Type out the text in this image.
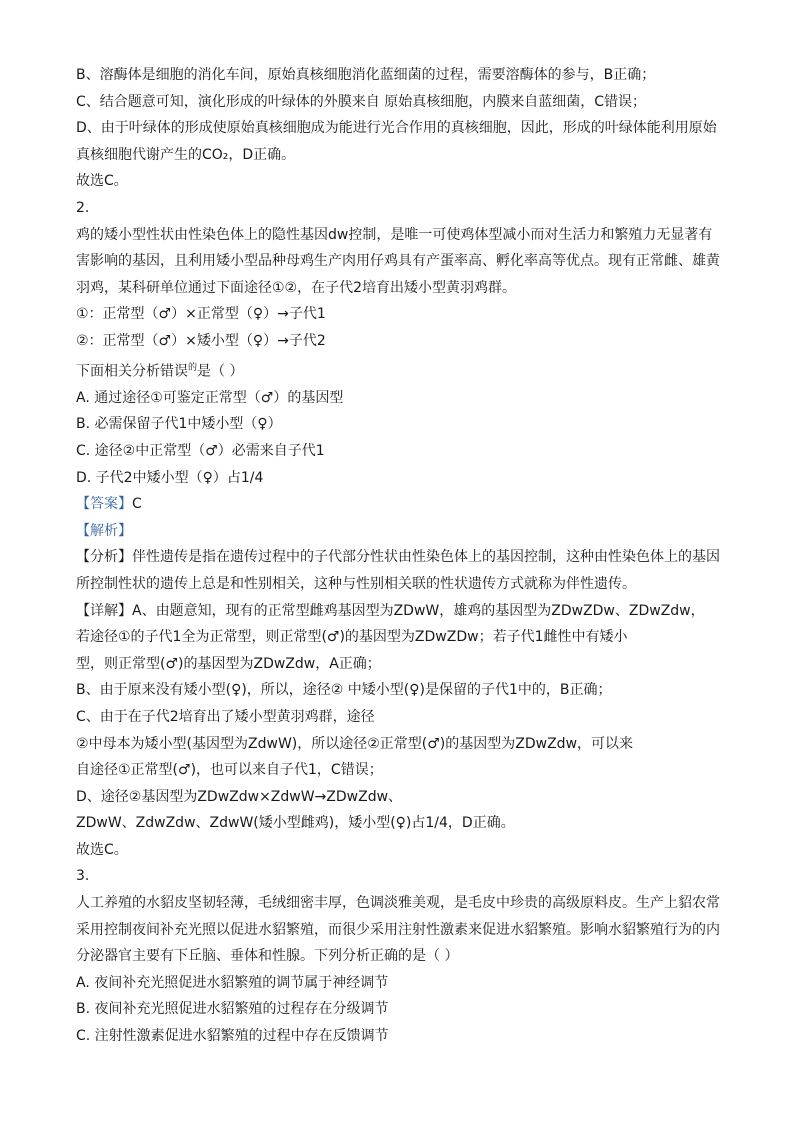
B、溶酶体是细胞的消化车间，原始真核细胞消化蓝细菌的过程，需要溶酶体的参与，B正确；
C、结合题意可知，演化形成的叶绿体的外膜来自 原始真核细胞，内膜来自蓝细菌，C错误；
D、由于叶绿体的形成使原始真核细胞成为能进行光合作用的真核细胞，因此，形成的叶绿体能利用原始
真核细胞代谢产生的CO₂，D正确。
故选C。
2.
鸡的矮小型性状由性染色体上的隐性基因dw控制，是唯一可使鸡体型减小而对生活力和繁殖力无显著有
害影响的基因，且利用矮小型品种母鸡生产肉用仔鸡具有产蛋率高、孵化率高等优点。现有正常雌、雄黄
羽鸡，某科研单位通过下面途径①②，在子代2培育出矮小型黄羽鸡群。
①：正常型（♂）×正常型（♀）→子代1
②：正常型（♂）×矮小型（♀）→子代2
下面相关分析错误$^的$是（ ）
A. 通过途径①可鉴定正常型（♂）的基因型
B. 必需保留子代1中矮小型（♀）
C. 途径②中正常型（♂）必需来自子代1
D. 子代2中矮小型（♀）占1/4
【答案】C
【解析】
【分析】伴性遗传是指在遗传过程中的子代部分性状由性染色体上的基因控制，这种由性染色体上的基因
所控制性状的遗传上总是和性别相关，这种与性别相关联的性状遗传方式就称为伴性遗传。
【详解】A、由题意知，现有的正常型雌鸡基因型为ZDwW，雄鸡的基因型为ZDwZDw、ZDwZdw，
若途径①的子代1全为正常型，则正常型(♂)的基因型为ZDwZDw；若子代1雌性中有矮小
型，则正常型(♂)的基因型为ZDwZdw，A正确；
B、由于原来没有矮小型(♀)，所以，途径② 中矮小型(♀)是保留的子代1中的，B正确；
C、由于在子代2培育出了矮小型黄羽鸡群，途径
②中母本为矮小型(基因型为ZdwW)，所以途径②正常型(♂)的基因型为ZDwZdw，可以来
自途径①正常型(♂)，也可以来自子代1，C错误；
D、途径②基因型为ZDwZdw×ZdwW→ZDwZdw、
ZDwW、ZdwZdw、ZdwW(矮小型雌鸡)，矮小型(♀)占1/4，D正确。
故选C。
3.
人工养殖的水貂皮坚韧轻薄，毛绒细密丰厚，色调淡雅美观，是毛皮中珍贵的高级原料皮。生产上貂农常
采用控制夜间补充光照以促进水貂繁殖，而很少采用注射性激素来促进水貂繁殖。影响水貂繁殖行为的内
分泌器官主要有下丘脑、垂体和性腺。下列分析正确的是（ ）
A. 夜间补充光照促进水貂繁殖的调节属于神经调节
B. 夜间补充光照促进水貂繁殖的过程存在分级调节
C. 注射性激素促进水貂繁殖的过程中存在反馈调节
